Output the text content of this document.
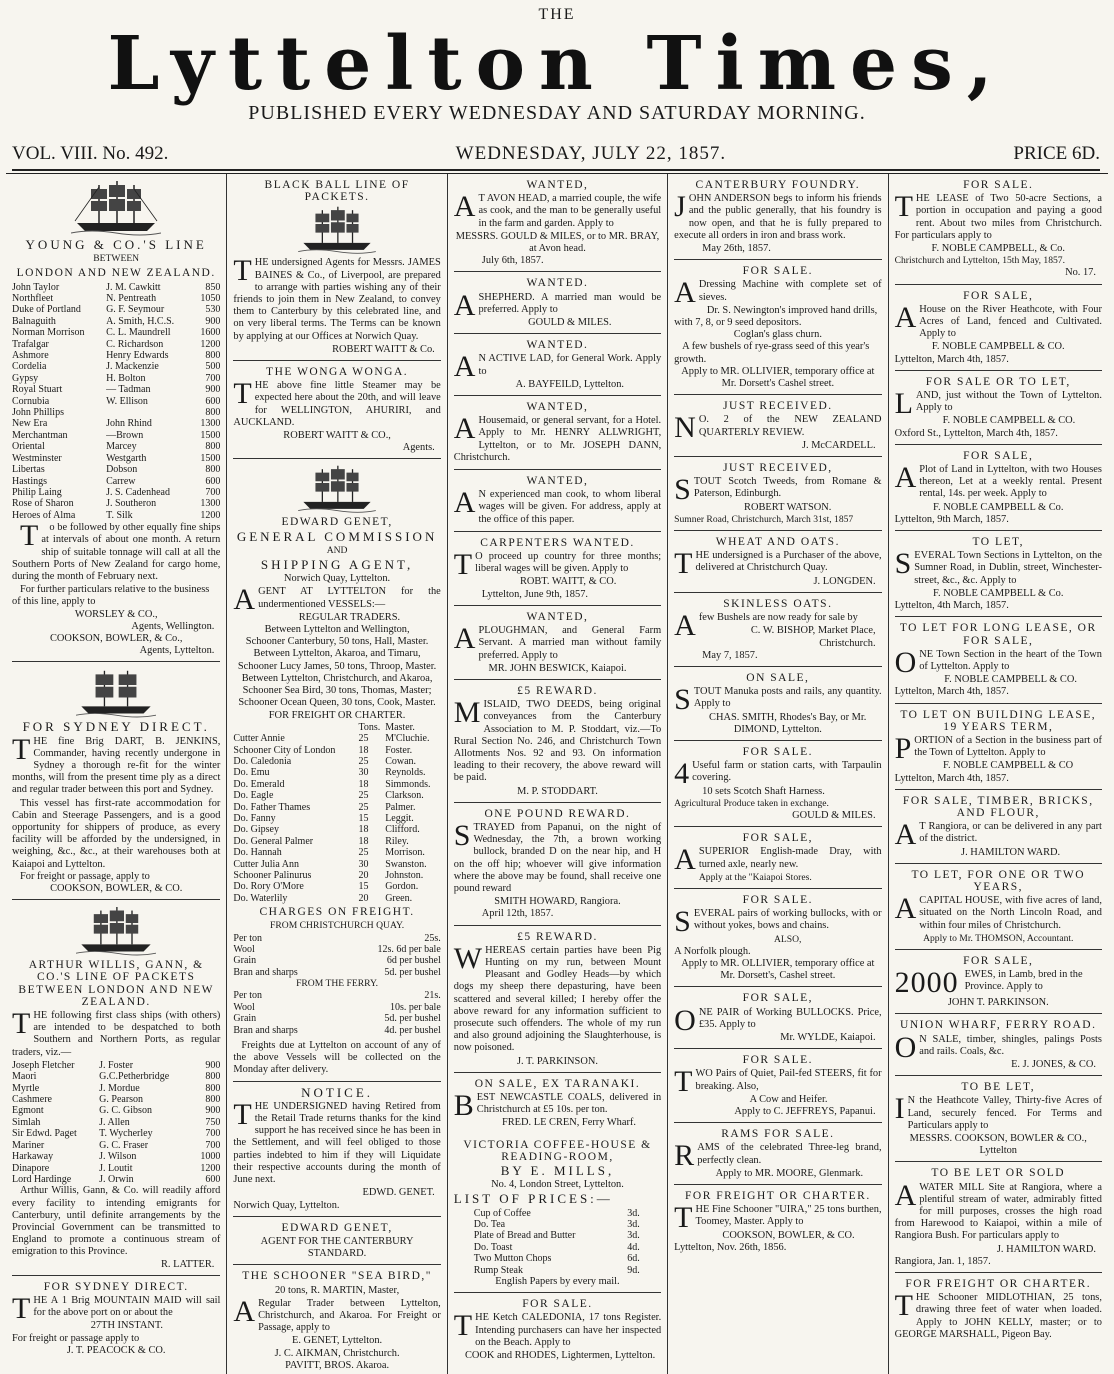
THE
Lyttelton Times,
PUBLISHED EVERY WEDNESDAY AND SATURDAY MORNING.
VOL. VIII. No. 492.	WEDNESDAY, JULY 22, 1857.	PRICE 6D.
YOUNG & CO.'S LINE
BETWEEN
LONDON AND NEW ZEALAND.
John Taylor	J. M. Cawkitt	850
Northfleet	N. Pentreath	1050
Duke of Portland	G. F. Seymour	530
Balnaguith	A. Smith, H.C.S.	900
Norman Morrison	C. L. Maundrell	1600
Trafalgar	C. Richardson	1200
Ashmore	Henry Edwards	800
Cordelia	J. Mackenzie	500
Gypsy	H. Bolton	700
Royal Stuart	— Tadman	900
Cornubia	W. Ellison	600
John Phillips		800
New Era	John Rhind	1300
Merchantman	—Brown	1500
Oriental	Marcey	800
Westminster	Westgarth	1500
Libertas	Dobson	800
Hastings	Carrew	600
Philip Laing	J. S. Cadenhead	700
Rose of Sharon	J. Southeron	1300
Heroes of Alma	T. Silk	1200
To be followed by other equally fine ships at intervals of about one month. A return ship of suitable tonnage will call at all the Southern Ports of New Zealand for cargo home, during the month of February next.
For further particulars relative to the business of this line, apply to
WORSLEY & CO.,
Agents, Wellington.
COOKSON, BOWLER, & Co.,
Agents, Lyttelton.
FOR SYDNEY DIRECT.
THE fine Brig DART, B. JENKINS, Commander, having recently undergone in Sydney a thorough re-fit for the winter months, will from the present time ply as a direct and regular trader between this port and Sydney.
This vessel has first-rate accommodation for Cabin and Steerage Passengers, and is a good opportunity for shippers of produce, as every facility will be afforded by the undersigned, in weighing, &c., &c., at their warehouses both at Kaiapoi and Lyttelton.
For freight or passage, apply to
COOKSON, BOWLER, & CO.
ARTHUR WILLIS, GANN, & CO.'S LINE OF PACKETS BETWEEN LONDON AND NEW ZEALAND.
THE following first class ships (with others) are intended to be despatched to both Southern and Northern Ports, as regular traders, viz.—
Joseph Fletcher	J. Foster	900
Maori	G.C.Petherbridge	800
Myrtle	J. Mordue	800
Cashmere	G. Pearson	800
Egmont	G. C. Gibson	900
Simlah	J. Allen	750
Sir Edwd. Paget	T. Wycherley	700
Mariner	G. C. Fraser	700
Harkaway	J. Wilson	1000
Dinapore	J. Loutit	1200
Lord Hardinge	J. Orwin	600
Arthur Willis, Gann, & Co. will readily afford every facility to intending emigrants for Canterbury, until definite arrangements by the Provincial Government can be transmitted to England to promote a continuous stream of emigration to this Province.
R. LATTER.
FOR SYDNEY DIRECT.
THE A 1 Brig MOUNTAIN MAID will sail for the above port on or about the
27TH INSTANT.
For freight or passage apply to
J. T. PEACOCK & CO.
BLACK BALL LINE OF PACKETS.
THE undersigned Agents for Messrs. JAMES BAINES & Co., of Liverpool, are prepared to arrange with parties wishing any of their friends to join them in New Zealand, to convey them to Canterbury by this celebrated line, and on very liberal terms. The Terms can be known by applying at our Offices at Norwich Quay.
ROBERT WAITT & Co.
THE WONGA WONGA.
THE above fine little Steamer may be expected here about the 20th, and will leave for WELLINGTON, AHURIRI, and AUCKLAND.
ROBERT WAITT & CO.,
Agents.
EDWARD GENET,
GENERAL COMMISSION
AND
SHIPPING AGENT,
Norwich Quay, Lyttelton.
AGENT AT LYTTELTON for the undermentioned VESSELS:—
REGULAR TRADERS.
Between Lyttelton and Wellington,
Schooner Canterbury, 50 tons, Hall, Master.
Between Lyttelton, Akaroa, and Timaru,
Schooner Lucy James, 50 tons, Throop, Master.
Between Lyttelton, Christchurch, and Akaroa,
Schooner Sea Bird, 30 tons, Thomas, Master;
Schooner Ocean Queen, 30 tons, Cook, Master.
FOR FREIGHT OR CHARTER.
	Tons.	Master.
Cutter Annie	25	M'Cluchie.
Schooner City of London	18	Foster.
Do. Caledonia	25	Cowan.
Do. Emu	30	Reynolds.
Do. Emerald	18	Simmonds.
Do. Eagle	25	Clarkson.
Do. Father Thames	25	Palmer.
Do. Fanny	15	Leggit.
Do. Gipsey	18	Clifford.
Do. General Palmer	18	Riley.
Do. Hannah	25	Morrison.
Cutter Julia Ann	30	Swanston.
Schooner Palinurus	20	Johnston.
Do. Rory O'More	15	Gordon.
Do. Waterlily	20	Green.
CHARGES ON FREIGHT.
FROM CHRISTCHURCH QUAY.
Per ton	25s.
Wool	12s. 6d per bale
Grain	6d per bushel
Bran and sharps	5d. per bushel
FROM THE FERRY.
Per ton	21s.
Wool	10s. per bale
Grain	5d. per bushel
Bran and sharps	4d. per bushel
Freights due at Lyttelton on account of any of the above Vessels will be collected on the Monday after delivery.
NOTICE.
THE UNDERSIGNED having Retired from the Retail Trade returns thanks for the kind support he has received since he has been in the Settlement, and will feel obliged to those parties indebted to him if they will Liquidate their respective accounts during the month of June next.
EDWD. GENET.
Norwich Quay, Lyttelton.
EDWARD GENET,
AGENT FOR THE CANTERBURY STANDARD.
THE SCHOONER "SEA BIRD,"
20 tons, R. MARTIN, Master,
ARegular Trader between Lyttelton, Christchurch, and Akaroa. For Freight or Passage, apply to
E. GENET, Lyttelton.
J. C. AIKMAN, Christchurch.
PAVITT, BROS. Akaroa.
WANTED,
AT AVON HEAD, a married couple, the wife as cook, and the man to be generally useful in the farm and garden. Apply to
MESSRS. GOULD & MILES, or to MR. BRAY, at Avon head.
July 6th, 1857.
WANTED.
ASHEPHERD. A married man would be preferred. Apply to
GOULD & MILES.
WANTED.
AN ACTIVE LAD, for General Work. Apply to
A. BAYFEILD, Lyttelton.
WANTED,
AHousemaid, or general servant, for a Hotel. Apply to Mr. HENRY ALLWRIGHT, Lyttelton, or to Mr. JOSEPH DANN, Christchurch.
WANTED,
AN experienced man cook, to whom liberal wages will be given. For address, apply at the office of this paper.
CARPENTERS WANTED.
TO proceed up country for three months; liberal wages will be given. Apply to
ROBT. WAITT, & CO.
Lyttelton, June 9th, 1857.
WANTED,
APLOUGHMAN, and General Farm Servant. A married man without family preferred. Apply to
MR. JOHN BESWICK, Kaiapoi.
£5 REWARD.
MISLAID, TWO DEEDS, being original conveyances from the Canterbury Association to M. P. Stoddart, viz.—To Rural Section No. 246, and Christchurch Town Allotments Nos. 92 and 93. On information leading to their recovery, the above reward will be paid.
M. P. STODDART.
ONE POUND REWARD.
STRAYED from Papanui, on the night of Wednesday, the 7th, a brown working bullock, branded D on the near hip, and H on the off hip; whoever will give information where the above may be found, shall receive one pound reward
SMITH HOWARD, Rangiora.
April 12th, 1857.
£5 REWARD.
WHEREAS certain parties have been Pig Hunting on my run, between Mount Pleasant and Godley Heads—by which dogs my sheep there depasturing, have been scattered and several killed; I hereby offer the above reward for any information sufficient to prosecute such offenders. The whole of my run and also ground adjoining the Slaughterhouse, is now poisoned.
J. T. PARKINSON.
ON SALE, EX TARANAKI.
BEST NEWCASTLE COALS, delivered in Christchurch at £5 10s. per ton.
FRED. LE CREN, Ferry Wharf.
VICTORIA COFFEE-HOUSE & READING-ROOM,
BY E. MILLS,
No. 4, London Street, Lyttelton.
LIST OF PRICES:—
Cup of Coffee	3d.
Do. Tea	3d.
Plate of Bread and Butter	3d.
Do. Toast	4d.
Two Mutton Chops	6d.
Rump Steak	9d.
English Papers by every mail.
FOR SALE.
THE Ketch CALEDONIA, 17 tons Register. Intending purchasers can have her inspected on the Beach. Apply to
COOK and RHODES, Lightermen, Lyttelton.
CANTERBURY FOUNDRY.
JOHN ANDERSON begs to inform his friends and the public generally, that his foundry is now open, and that he is fully prepared to execute all orders in iron and brass work.
May 26th, 1857.
FOR SALE.
ADressing Machine with complete set of sieves.
Dr. S. Newington's improved hand drills, with 7, 8, or 9 seed depositors.
Coglan's glass churn.
A few bushels of rye-grass seed of this year's growth.
Apply to MR. OLLIVIER, temporary office at Mr. Dorsett's Cashel street.
JUST RECEIVED.
NO. 2 of the NEW ZEALAND QUARTERLY REVIEW.
J. McCARDELL.
JUST RECEIVED,
STOUT Scotch Tweeds, from Romane & Paterson, Edinburgh.
ROBERT WATSON.
Sumner Road, Christchurch, March 31st, 1857
WHEAT AND OATS.
THE undersigned is a Purchaser of the above, delivered at Christchurch Quay.
J. LONGDEN.
SKINLESS OATS.
Afew Bushels are now ready for sale by
C. W. BISHOP, Market Place, Christchurch.
May 7, 1857.
ON SALE,
STOUT Manuka posts and rails, any quantity. Apply to
CHAS. SMITH, Rhodes's Bay, or Mr. DIMOND, Lyttelton.
FOR SALE.
4Useful farm or station carts, with Tarpaulin covering.
10 sets Scotch Shaft Harness.
Agricultural Produce taken in exchange.
GOULD & MILES.
FOR SALE,
ASUPERIOR English-made Dray, with turned axle, nearly new.
Apply at the "Kaiapoi Stores.
FOR SALE.
SEVERAL pairs of working bullocks, with or without yokes, bows and chains.
ALSO,
A Norfolk plough.
Apply to MR. OLLIVIER, temporary office at Mr. Dorsett's, Cashel street.
FOR SALE,
ONE PAIR of Working BULLOCKS. Price, £35. Apply to
Mr. WYLDE, Kaiapoi.
FOR SALE.
TWO Pairs of Quiet, Pail-fed STEERS, fit for breaking. Also,
A Cow and Heifer.
Apply to C. JEFFREYS, Papanui.
RAMS FOR SALE.
RAMS of the celebrated Three-leg brand, perfectly clean.
Apply to MR. MOORE, Glenmark.
FOR FREIGHT OR CHARTER.
THE Fine Schooner "UIRA," 25 tons burthen, Toomey, Master. Apply to
COOKSON, BOWLER, & CO.
Lyttelton, Nov. 26th, 1856.
FOR SALE.
THE LEASE of Two 50-acre Sections, a portion in occupation and paying a good rent. About two miles from Christchurch. For particulars apply to
F. NOBLE CAMPBELL, & Co.
Christchurch and Lyttelton, 15th May, 1857.
No. 17.
FOR SALE,
AHouse on the River Heathcote, with Four Acres of Land, fenced and Cultivated. Apply to
F. NOBLE CAMPBELL & CO.
Lyttelton, March 4th, 1857.
FOR SALE OR TO LET,
LAND, just without the Town of Lyttelton. Apply to
F. NOBLE CAMPBELL & CO.
Oxford St., Lyttelton, March 4th, 1857.
FOR SALE,
APlot of Land in Lyttelton, with two Houses thereon, Let at a weekly rental. Present rental, 14s. per week. Apply to
F. NOBLE CAMPBELL & Co.
Lyttelton, 9th March, 1857.
TO LET,
SEVERAL Town Sections in Lyttelton, on the Sumner Road, in Dublin, street, Winchester-street, &c., &c. Apply to
F. NOBLE CAMPBELL & Co.
Lyttelton, 4th March, 1857.
TO LET FOR LONG LEASE, OR FOR SALE,
ONE Town Section in the heart of the Town of Lyttelton. Apply to
F. NOBLE CAMPBELL & CO.
Lyttelton, March 4th, 1857.
TO LET ON BUILDING LEASE, 19 YEARS TERM,
PORTION of a Section in the business part of the Town of Lyttelton. Apply to
F. NOBLE CAMPBELL & CO
Lyttelton, March 4th, 1857.
FOR SALE, TIMBER, BRICKS, AND FLOUR,
AT Rangiora, or can be delivered in any part of the district.
J. HAMILTON WARD.
TO LET, FOR ONE OR TWO YEARS,
ACAPITAL HOUSE, with five acres of land, situated on the North Lincoln Road, and within four miles of Christchurch.
Apply to Mr. THOMSON, Accountant.
FOR SALE,
2000 EWES, in Lamb, bred in the Province. Apply to
JOHN T. PARKINSON.
UNION WHARF, FERRY ROAD.
ON SALE, timber, shingles, palings Posts and rails. Coals, &c.
E. J. JONES, & CO.
TO BE LET,
IN the Heathcote Valley, Thirty-five Acres of Land, securely fenced. For Terms and Particulars apply to
MESSRS. COOKSON, BOWLER & CO., Lyttelton
TO BE LET OR SOLD
AWATER MILL Site at Rangiora, where a plentiful stream of water, admirably fitted for mill purposes, crosses the high road from Harewood to Kaiapoi, within a mile of Rangiora Bush. For particulars apply to
J. HAMILTON WARD.
Rangiora, Jan. 1, 1857.
FOR FREIGHT OR CHARTER.
THE Schooner MIDLOTHIAN, 25 tons, drawing three feet of water when loaded. Apply to JOHN KELLY, master; or to GEORGE MARSHALL, Pigeon Bay.
